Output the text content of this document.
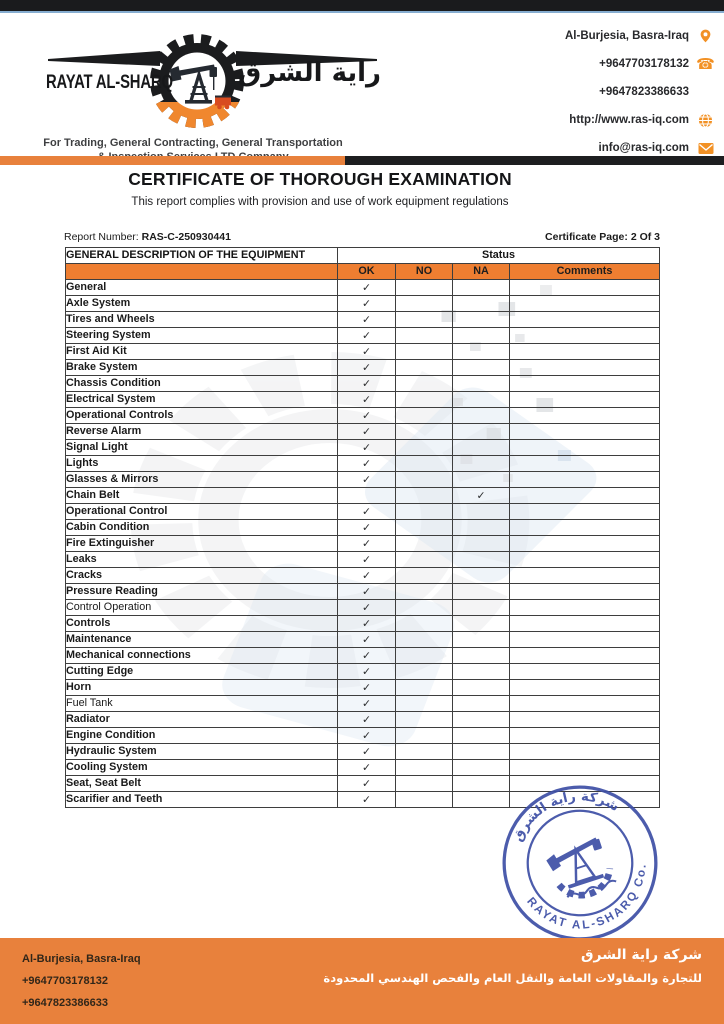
RAYAT AL-SHARQ	راية الشرق
For Trading, General Contracting, General Transportation
Al-Burjesia, Basra-Iraq
+9647703178132 ☎
+9647823386633
http://www.ras-iq.com
info@ras-iq.com
CERTIFICATE OF THOROUGH EXAMINATION
This report complies with provision and use of work equipment regulations
Report Number: RAS-C-250930441	Certificate Page: 2 Of 3
GENERAL DESCRIPTION OF THE EQUIPMENT	Status			
	OK	NO	NA	Comments
General	✓			
Axle System	✓			
Tires and Wheels	✓			
Steering System	✓			
First Aid Kit	✓			
Brake System	✓			
Chassis Condition	✓			
Electrical System	✓			
Operational Controls	✓			
Reverse Alarm	✓			
Signal Light	✓			
Lights	✓			
Glasses & Mirrors	✓			
Chain Belt			✓	
Operational Control	✓			
Cabin Condition	✓			
Fire Extinguisher	✓			
Leaks	✓			
Cracks	✓			
Pressure Reading	✓			
Control Operation	✓			
Controls	✓			
Maintenance	✓			
Mechanical connections	✓			
Cutting Edge	✓			
Horn	✓			
Fuel Tank	✓			
Radiator	✓			
Engine Condition	✓			
Hydraulic System	✓			
Cooling System	✓			
Seat, Seat Belt	✓			
Scarifier and Teeth	✓			
شركة راية الشرق
RAYAT AL-SHARQ Co.
Al-Burjesia, Basra-Iraq
+9647703178132
+9647823386633
شركة راية الشرق
للتجارة والمقاولات العامة والنقل العام والفحص الهندسي المحدودة
